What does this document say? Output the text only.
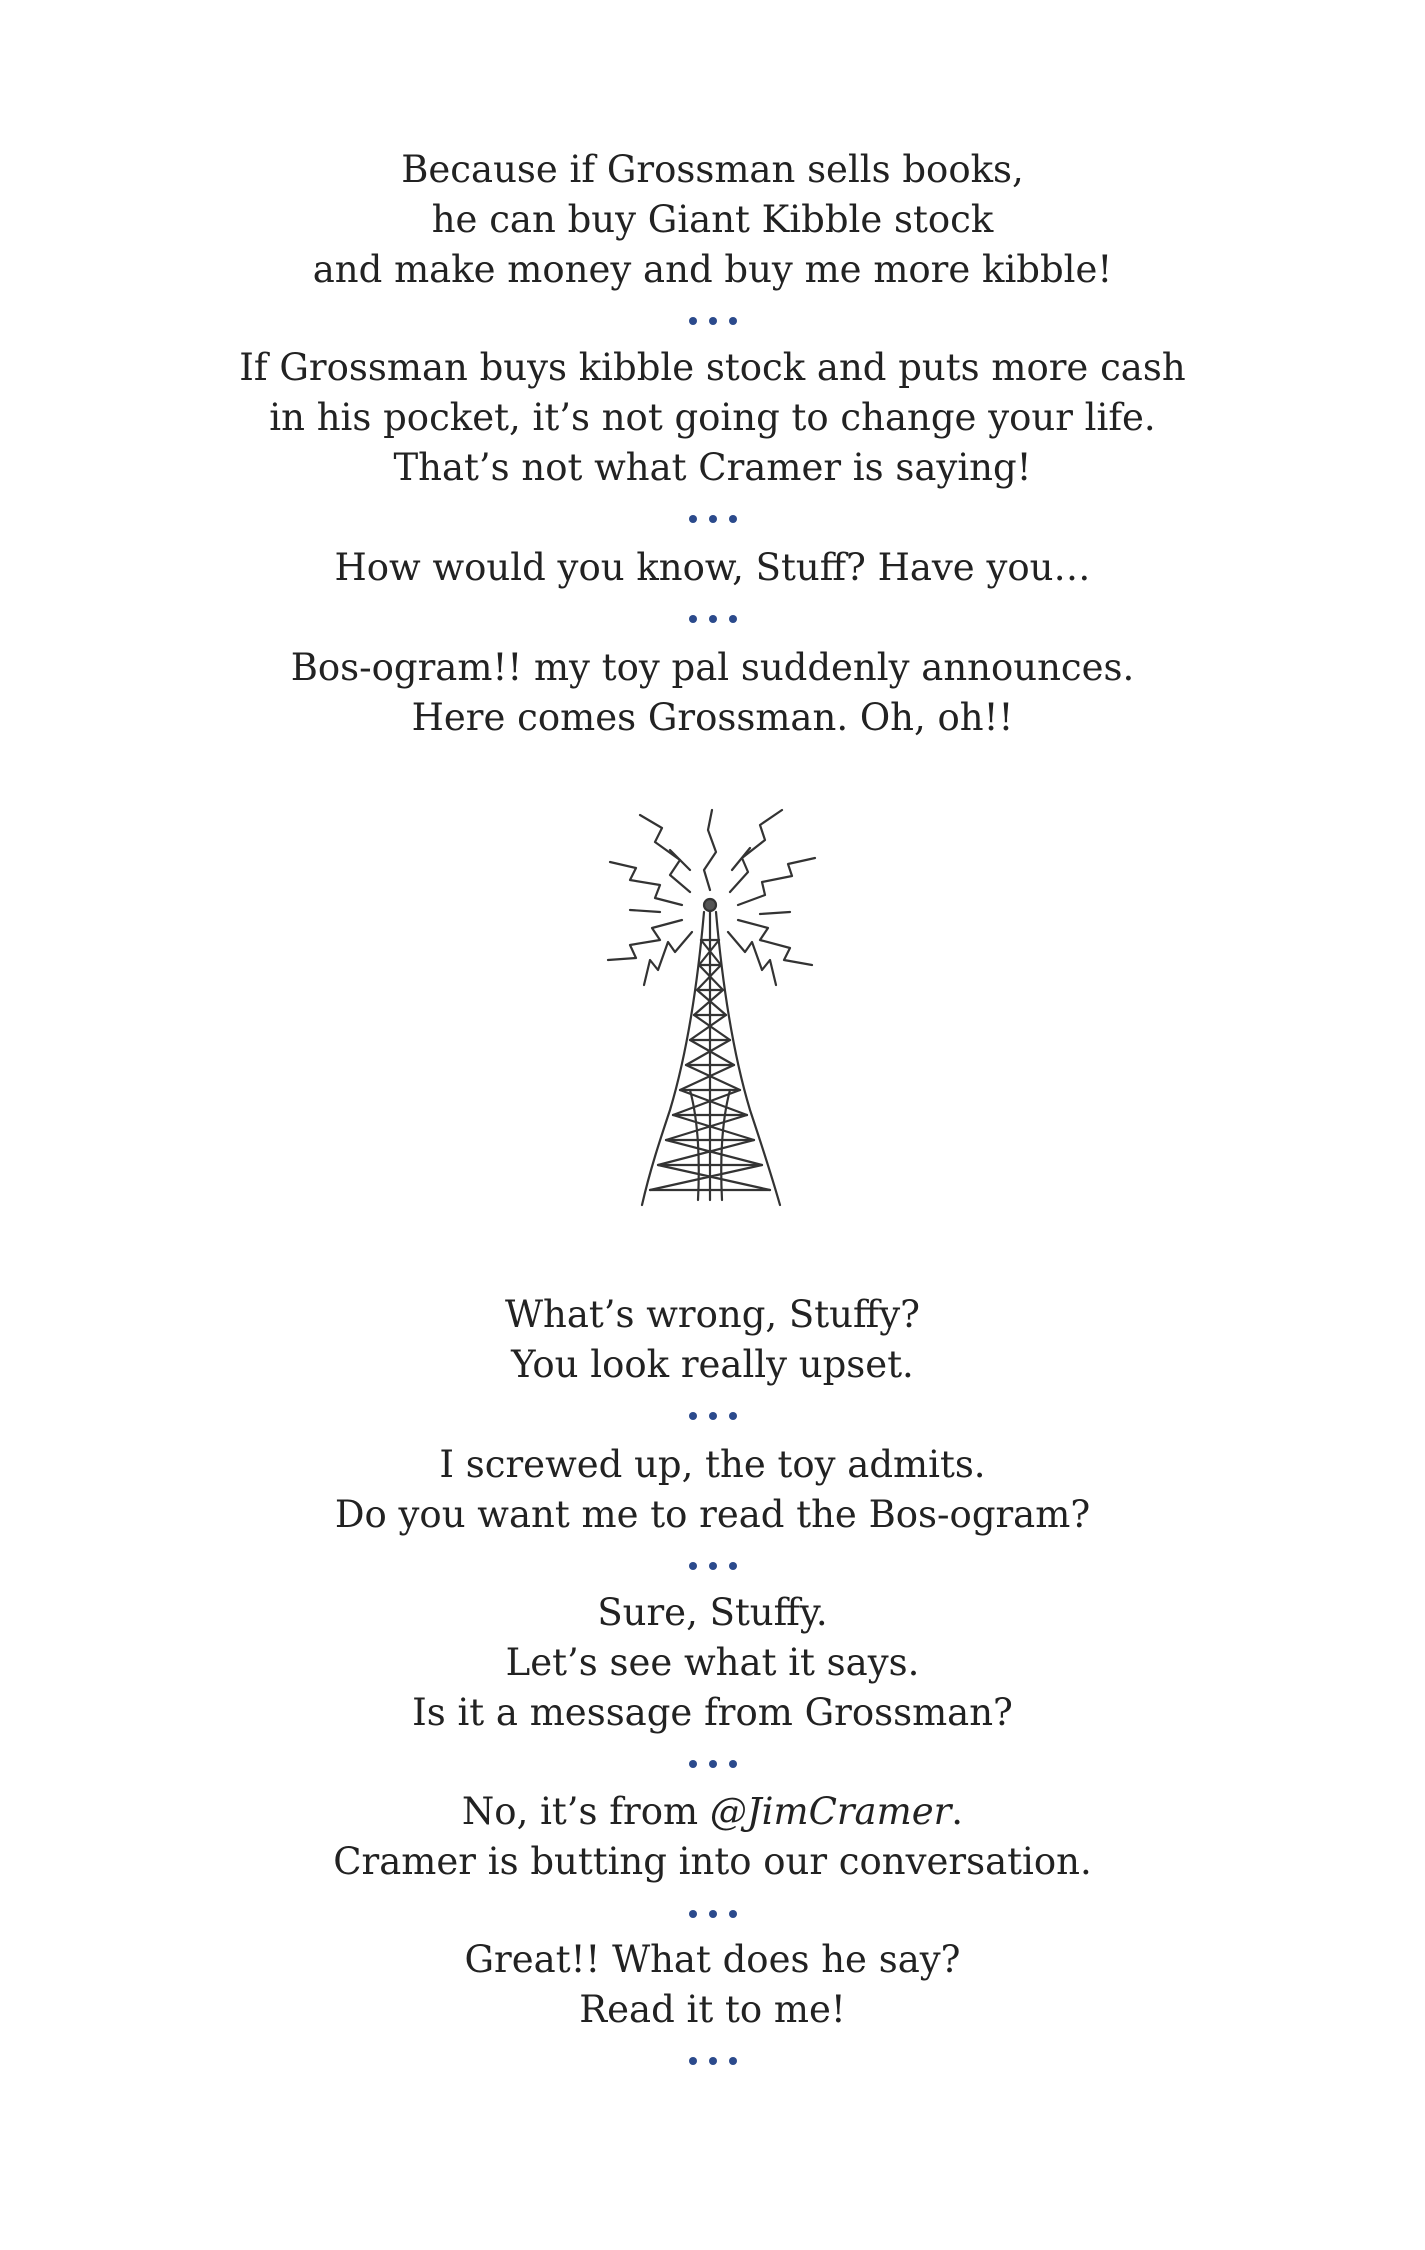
Because if Grossman sells books,
he can buy Giant Kibble stock
and make money and buy me more kibble!
If Grossman buys kibble stock and puts more cash
in his pocket, it’s not going to change your life.
That’s not what Cramer is saying!
How would you know, Stuff? Have you…
Bos-ogram!! my toy pal suddenly announces.
Here comes Grossman. Oh, oh!!
What’s wrong, Stuffy?
You look really upset.
I screwed up, the toy admits.
Do you want me to read the Bos-ogram?
Sure, Stuffy.
Let’s see what it says.
Is it a message from Grossman?
No, it’s from @JimCramer.
Cramer is butting into our conversation.
Great!! What does he say?
Read it to me!
